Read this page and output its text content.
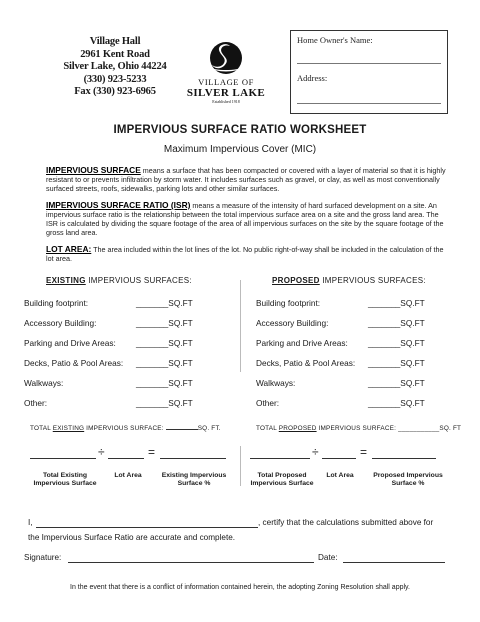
Village Hall
2961 Kent Road
Silver Lake, Ohio 44224
(330) 923-5233
Fax (330) 923-6965
VILLAGE OF
SILVER LAKE
Established 1918
Home Owner's Name:
Address:
IMPERVIOUS SURFACE RATIO WORKSHEET
Maximum Impervious Cover (MIC)
IMPERVIOUS SURFACE means a surface that has been compacted or covered with a layer of material so that it is highly resistant to or prevents infiltration by storm water. It includes surfaces such as gravel, or clay, as well as most conventionally surfaced streets, roofs, sidewalks, parking lots and other similar surfaces.
IMPERVIOUS SURFACE RATIO (ISR) means a measure of the intensity of hard surfaced development on a site. An impervious surface ratio is the relationship between the total impervious surface area on a site and the gross land area. The ISR is calculated by dividing the square footage of the area of all impervious surfaces on the site by the square footage of the gross land area.
LOT AREA: The area included within the lot lines of the lot. No public right-of-way shall be included in the calculation of the lot area.
EXISTING IMPERVIOUS SURFACES:	PROPOSED IMPERVIOUS SURFACES:
Building footprint:	_______SQ.FT
Accessory Building:	_______SQ.FT
Parking and Drive Areas: _______SQ.FT
Decks, Patio & Pool Areas: _______SQ.FT
Walkways:	_______SQ.FT
Other:	_______SQ.FT
Building footprint:	_______SQ.FT
Accessory Building:	_______SQ.FT
Parking and Drive Areas: _______SQ.FT
Decks, Patio & Pool Areas: _______SQ.FT
Walkways:	_______SQ.FT
Other:	_______SQ.FT
TOTAL EXISTING IMPERVIOUS SURFACE:	SQ. FT.	TOTAL PROPOSED IMPERVIOUS SURFACE: ___________SQ. FT
÷	=
Total Existing
Impervious Surface
Lot Area	Existing Impervious
Surface %
÷	=
Total Proposed
Impervious Surface
Lot Area	Proposed Impervious
Surface %
I,	, certify that the calculations submitted above for
the Impervious Surface Ratio are accurate and complete.
Signature:	Date:
In the event that there is a conflict of information contained herein, the adopting Zoning Resolution shall apply.
